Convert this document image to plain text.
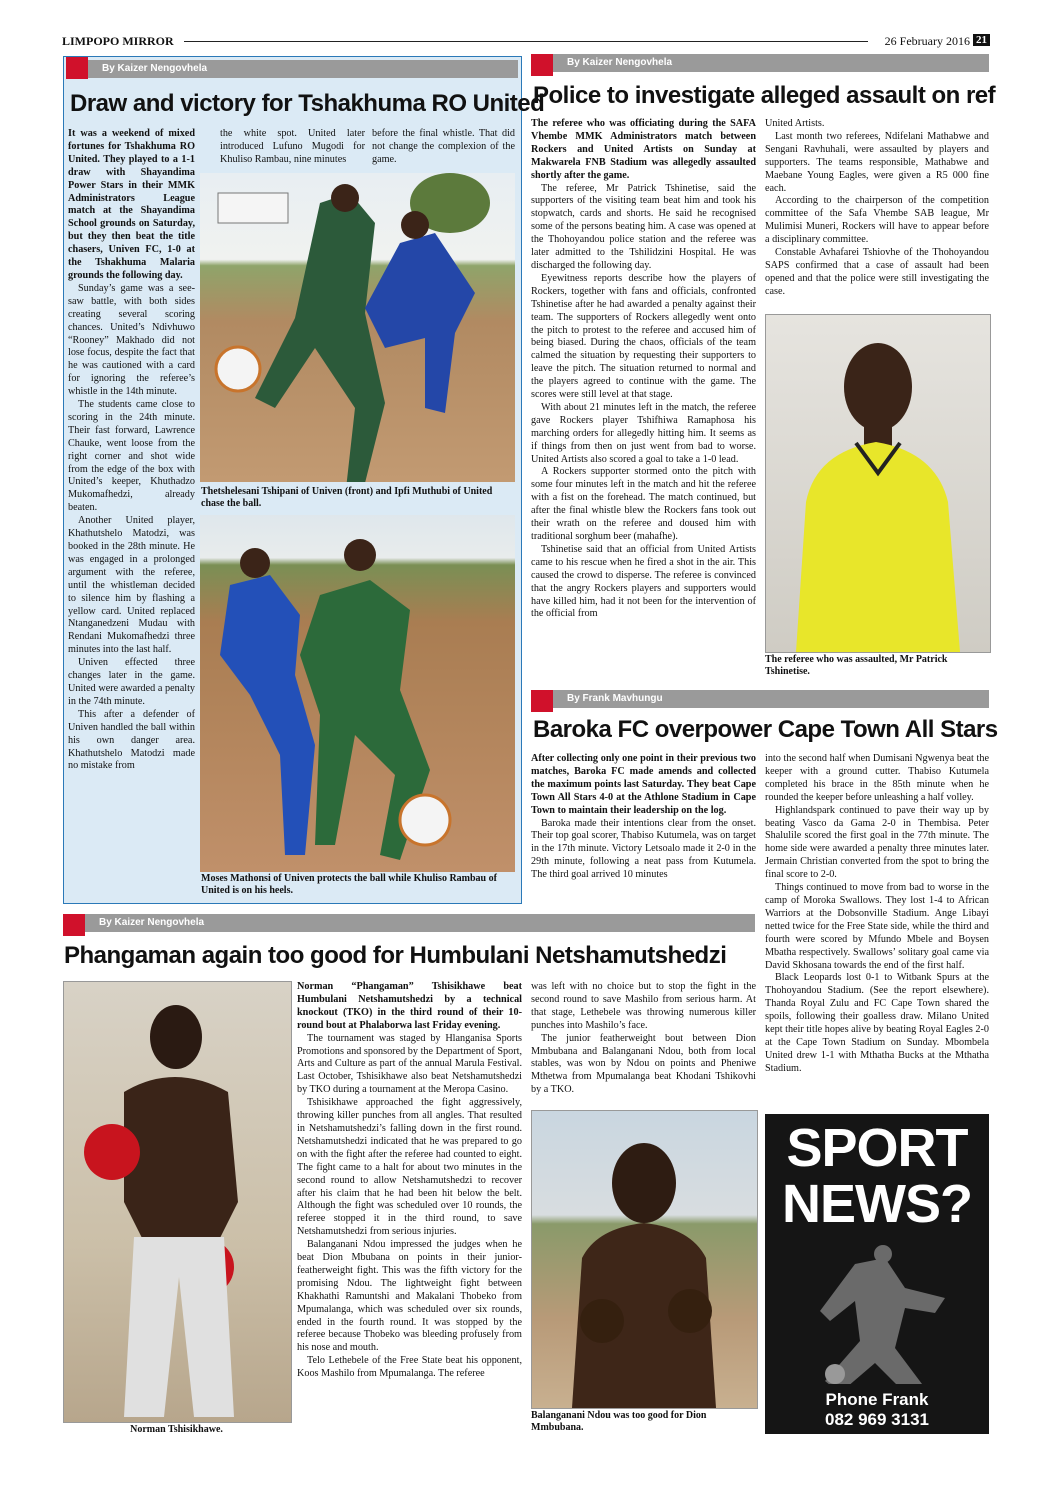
LIMPOPO MIRROR	26 February 2016 21
By Kaizer Nengovhela
Draw and victory for Tshakhuma RO United

It was a weekend of mixed fortunes for Tshakhuma RO United. They played to a 1-1 draw with Shayandima Power Stars in their MMK Administrators League match at the Shayandima School grounds on Saturday, but they then beat the title chasers, Univen FC, 1-0 at the Tshakhuma Malaria grounds the following day.

Sunday’s game was a see-saw battle, with both sides creating several scoring chances. United’s Ndivhuwo “Rooney” Makhado did not lose focus, despite the fact that he was cautioned with a card for ignoring the referee’s whistle in the 14th minute.

The students came close to scoring in the 24th minute. Their fast forward, Lawrence Chauke, went loose from the right corner and shot wide from the edge of the box with United’s keeper, Khuthadzo Mukomafhedzi, already beaten.

Another United player, Khathutshelo Matodzi, was booked in the 28th minute. He was engaged in a prolonged argument with the referee, until the whistleman decided to silence him by flashing a yellow card. United replaced Ntanganedzeni Mudau with Rendani Mukomafhedzi three minutes into the last half.

Univen effected three changes later in the game. United were awarded a penalty in the 74th minute.

This after a defender of Univen handled the ball within his own danger area. Khathutshelo Matodzi made no mistake from

the white spot. United later introduced Lufuno Mugodi for Khuliso Rambau, nine minutes

before the final whistle. That did not change the complexion of the game.

Thetshelesani Tshipani of Univen (front) and Ipfi Muthubi of United chase the ball.
Moses Mathonsi of Univen protects the ball while Khuliso Rambau of United is on his heels.
By Kaizer Nengovhela
Police to investigate alleged assault on ref

The referee who was officiating during the SAFA Vhembe MMK Administrators match between Rockers and United Artists on Sunday at Makwarela FNB Stadium was allegedly assaulted shortly after the game.

The referee, Mr Patrick Tshinetise, said the supporters of the visiting team beat him and took his stopwatch, cards and shorts. He said he recognised some of the persons beating him. A case was opened at the Thohoyandou police station and the referee was later admitted to the Tshilidzini Hospital. He was discharged the following day.

Eyewitness reports describe how the players of Rockers, together with fans and officials, confronted Tshinetise after he had awarded a penalty against their team. The supporters of Rockers allegedly went onto the pitch to protest to the referee and accused him of being biased. During the chaos, officials of the team calmed the situation by requesting their supporters to leave the pitch. The situation returned to normal and the players agreed to continue with the game. The scores were still level at that stage.

With about 21 minutes left in the match, the referee gave Rockers player Tshifhiwa Ramaphosa his marching orders for allegedly hitting him. It seems as if things from then on just went from bad to worse. United Artists also scored a goal to take a 1-0 lead.

A Rockers supporter stormed onto the pitch with some four minutes left in the match and hit the referee with a fist on the forehead. The match continued, but after the final whistle blew the Rockers fans took out their wrath on the referee and doused him with traditional sorghum beer (mahafhe).

Tshinetise said that an official from United Artists came to his rescue when he fired a shot in the air. This caused the crowd to disperse. The referee is convinced that the angry Rockers players and supporters would have killed him, had it not been for the intervention of the official from

United Artists.

Last month two referees, Ndifelani Mathabwe and Sengani Ravhuhali, were assaulted by players and supporters. The teams responsible, Mathabwe and Maebane Young Eagles, were given a R5 000 fine each.

According to the chairperson of the competition committee of the Safa Vhembe SAB league, Mr Mulimisi Muneri, Rockers will have to appear before a disciplinary committee.

Constable Avhafarei Tshiovhe of the Thohoyandou SAPS confirmed that a case of assault had been opened and that the police were still investigating the case.

The referee who was assaulted, Mr Patrick Tshinetise.
By Frank Mavhungu
Baroka FC overpower Cape Town All Stars

After collecting only one point in their previous two matches, Baroka FC made amends and collected the maximum points last Saturday. They beat Cape Town All Stars 4-0 at the Athlone Stadium in Cape Town to maintain their leadership on the log.

Baroka made their intentions clear from the onset. Their top goal scorer, Thabiso Kutumela, was on target in the 17th minute. Victory Letsoalo made it 2-0 in the 29th minute, following a neat pass from Kutumela. The third goal arrived 10 minutes

into the second half when Dumisani Ngwenya beat the keeper with a ground cutter. Thabiso Kutumela completed his brace in the 85th minute when he rounded the keeper before unleashing a half volley.

Highlandspark continued to pave their way up by beating Vasco da Gama 2-0 in Thembisa. Peter Shalulile scored the first goal in the 77th minute. The home side were awarded a penalty three minutes later. Jermain Christian converted from the spot to bring the final score to 2-0.

Things continued to move from bad to worse in the camp of Moroka Swallows. They lost 1-4 to African Warriors at the Dobsonville Stadium. Ange Libayi netted twice for the Free State side, while the third and fourth were scored by Mfundo Mbele and Boysen Mbatha respectively. Swallows’ solitary goal came via David Skhosana towards the end of the first half.

Black Leopards lost 0-1 to Witbank Spurs at the Thohoyandou Stadium. (See the report elsewhere). Thanda Royal Zulu and FC Cape Town shared the spoils, following their goalless draw. Milano United kept their title hopes alive by beating Royal Eagles 2-0 at the Cape Town Stadium on Sunday. Mbombela United drew 1-1 with Mthatha Bucks at the Mthatha Stadium.

By Kaizer Nengovhela
Phangaman again too good for Humbulani Netshamutshedzi
Norman Tshisikhawe.

Norman “Phangaman” Tshisikhawe beat Humbulani Netshamutshedzi by a technical knockout (TKO) in the third round of their 10-round bout at Phalaborwa last Friday evening.

The tournament was staged by Hlanganisa Sports Promotions and sponsored by the Department of Sport, Arts and Culture as part of the annual Marula Festival. Last October, Tshisikhawe also beat Netshamutshedzi by TKO during a tournament at the Meropa Casino.

Tshisikhawe approached the fight aggressively, throwing killer punches from all angles. That resulted in Netshamutshedzi’s falling down in the first round. Netshamutshedzi indicated that he was prepared to go on with the fight after the referee had counted to eight. The fight came to a halt for about two minutes in the second round to allow Netshamutshedzi to recover after his claim that he had been hit below the belt. Although the fight was scheduled over 10 rounds, the referee stopped it in the third round, to save Netshamutshedzi from serious injuries.

Balanganani Ndou impressed the judges when he beat Dion Mbubana on points in their junior-featherweight fight. This was the fifth victory for the promising Ndou. The lightweight fight between Khakhathi Ramuntshi and Makalani Thobeko from Mpumalanga, which was scheduled over six rounds, ended in the fourth round. It was stopped by the referee because Thobeko was bleeding profusely from his nose and mouth.

Telo Lethebele of the Free State beat his opponent, Koos Mashilo from Mpumalanga. The referee

was left with no choice but to stop the fight in the second round to save Mashilo from serious harm. At that stage, Lethebele was throwing numerous killer punches into Mashilo’s face.

The junior featherweight bout between Dion Mmbubana and Balanganani Ndou, both from local stables, was won by Ndou on points and Pheniwe Mthetwa from Mpumalanga beat Khodani Tshikovhi by a TKO.

Balanganani Ndou was too good for Dion Mmbubana.
SPORT
NEWS?
Phone Frank
082 969 3131
